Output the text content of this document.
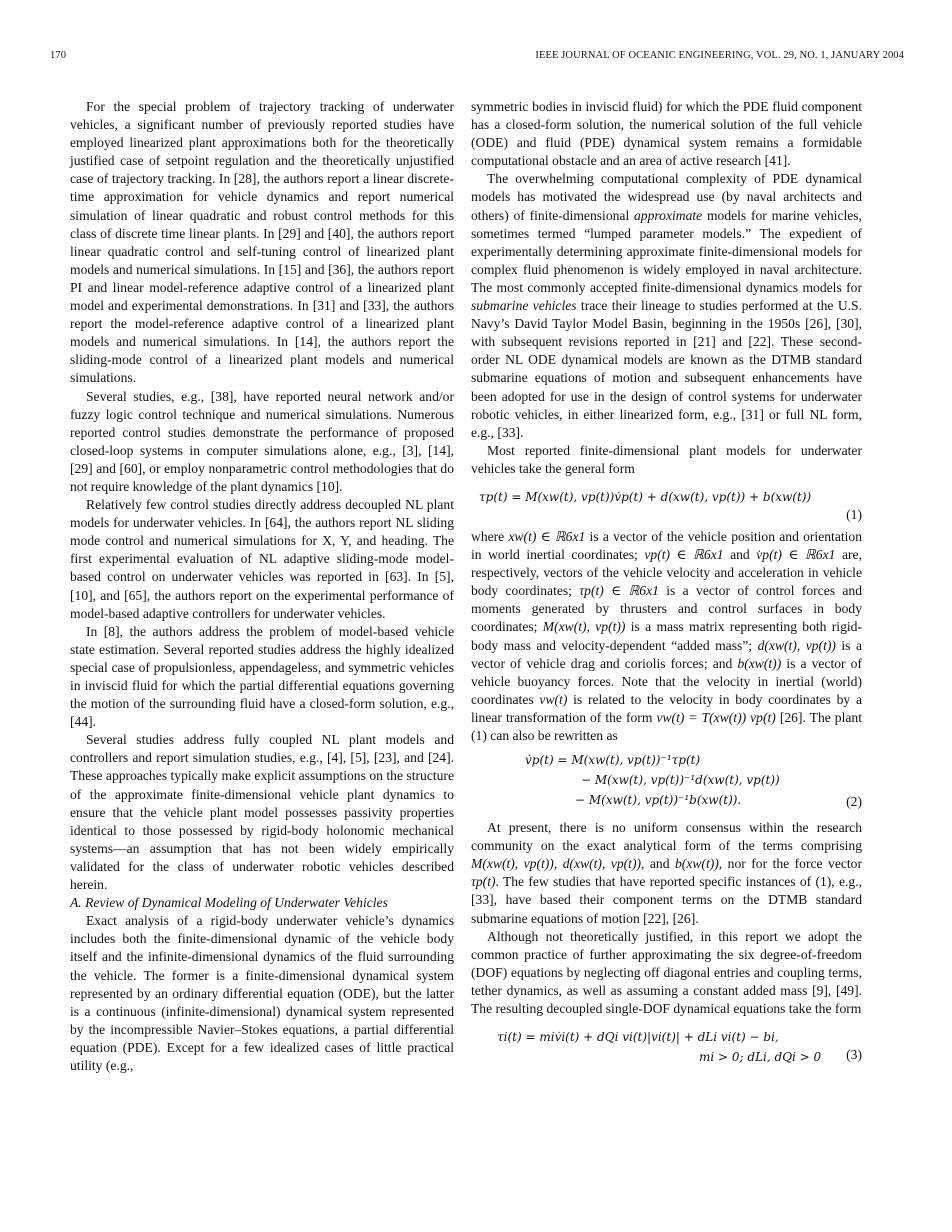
170	IEEE JOURNAL OF OCEANIC ENGINEERING, VOL. 29, NO. 1, JANUARY 2004

For the special problem of trajectory tracking of underwater vehicles, a significant number of previously reported studies have employed linearized plant approximations both for the theoretically justified case of setpoint regulation and the theoretically unjustified case of trajectory tracking. In [28], the authors report a linear discrete-time approximation for vehicle dynamics and report numerical simulation of linear quadratic and robust control methods for this class of discrete time linear plants. In [29] and [40], the authors report linear quadratic control and self-tuning control of linearized plant models and numerical simulations. In [15] and [36], the authors report PI and linear model-reference adaptive control of a linearized plant model and experimental demonstrations. In [31] and [33], the authors report the model-reference adaptive control of a linearized plant models and numerical simulations. In [14], the authors report the sliding-mode control of a linearized plant models and numerical simulations.

Several studies, e.g., [38], have reported neural network and/or fuzzy logic control technique and numerical simulations. Numerous reported control studies demonstrate the performance of proposed closed-loop systems in computer simulations alone, e.g., [3], [14], [29] and [60], or employ nonparametric control methodologies that do not require knowledge of the plant dynamics [10].

Relatively few control studies directly address decoupled NL plant models for underwater vehicles. In [64], the authors report NL sliding mode control and numerical simulations for X, Y, and heading. The first experimental evaluation of NL adaptive sliding-mode model-based control on underwater vehicles was reported in [63]. In [5], [10], and [65], the authors report on the experimental performance of model-based adaptive controllers for underwater vehicles.

In [8], the authors address the problem of model-based vehicle state estimation. Several reported studies address the highly idealized special case of propulsionless, appendageless, and symmetric vehicles in inviscid fluid for which the partial differential equations governing the motion of the surrounding fluid have a closed-form solution, e.g., [44].

Several studies address fully coupled NL plant models and controllers and report simulation studies, e.g., [4], [5], [23], and [24]. These approaches typically make explicit assumptions on the structure of the approximate finite-dimensional vehicle plant dynamics to ensure that the vehicle plant model possesses passivity properties identical to those possessed by rigid-body holonomic mechanical systems—an assumption that has not been widely empirically validated for the class of underwater robotic vehicles described herein.

A. Review of Dynamical Modeling of Underwater Vehicles

Exact analysis of a rigid-body underwater vehicle’s dynamics includes both the finite-dimensional dynamic of the vehicle body itself and the infinite-dimensional dynamics of the fluid surrounding the vehicle. The former is a finite-dimensional dynamical system represented by an ordinary differential equation (ODE), but the latter is a continuous (infinite-dimensional) dynamical system represented by the incompressible Navier–Stokes equations, a partial differential equation (PDE). Except for a few idealized cases of little practical utility (e.g.,

symmetric bodies in inviscid fluid) for which the PDE fluid component has a closed-form solution, the numerical solution of the full vehicle (ODE) and fluid (PDE) dynamical system remains a formidable computational obstacle and an area of active research [41].

The overwhelming computational complexity of PDE dynamical models has motivated the widespread use (by naval architects and others) of finite-dimensional approximate models for marine vehicles, sometimes termed “lumped parameter models.” The expedient of experimentally determining approximate finite-dimensional models for complex fluid phenomenon is widely employed in naval architecture. The most commonly accepted finite-dimensional dynamics models for submarine vehicles trace their lineage to studies performed at the U.S. Navy’s David Taylor Model Basin, beginning in the 1950s [26], [30], with subsequent revisions reported in [21] and [22]. These second-order NL ODE dynamical models are known as the DTMB standard submarine equations of motion and subsequent enhancements have been adopted for use in the design of control systems for underwater robotic vehicles, in either linearized form, e.g., [31] or full NL form, e.g., [33].

Most reported finite-dimensional plant models for underwater vehicles take the general form

τp(t) = M(xw(t), vp(t))v̇p(t) + d(xw(t), vp(t)) + b(xw(t))
(1)

where xw(t) ∈ ℝ6x1 is a vector of the vehicle position and orientation in world inertial coordinates; vp(t) ∈ ℝ6x1 and v̇p(t) ∈ ℝ6x1 are, respectively, vectors of the vehicle velocity and acceleration in vehicle body coordinates; τp(t) ∈ ℝ6x1 is a vector of control forces and moments generated by thrusters and control surfaces in body coordinates; M(xw(t), vp(t)) is a mass matrix representing both rigid-body mass and velocity-dependent “added mass”; d(xw(t), vp(t)) is a vector of vehicle drag and coriolis forces; and b(xw(t)) is a vector of vehicle buoyancy forces. Note that the velocity in inertial (world) coordinates vw(t) is related to the velocity in body coordinates by a linear transformation of the form vw(t) = T(xw(t)) vp(t) [26]. The plant (1) can also be rewritten as

v̇p(t) = M(xw(t), vp(t))⁻¹τp(t)
− M(xw(t), vp(t))⁻¹d(xw(t), vp(t))
− M(xw(t), vp(t))⁻¹b(xw(t)).	(2)

At present, there is no uniform consensus within the research community on the exact analytical form of the terms comprising M(xw(t), vp(t)), d(xw(t), vp(t)), and b(xw(t)), nor for the force vector τp(t). The few studies that have reported specific instances of (1), e.g., [33], have based their component terms on the DTMB standard submarine equations of motion [22], [26].

Although not theoretically justified, in this report we adopt the common practice of further approximating the six degree-of-freedom (DOF) equations by neglecting off diagonal entries and coupling terms, tether dynamics, as well as assuming a constant added mass [9], [49]. The resulting decoupled single-DOF dynamical equations take the form

τi(t) = miv̇i(t) + dQi vi(t)|vi(t)| + dLi vi(t) − bi,
mi > 0; dLi, dQi > 0 (3)
